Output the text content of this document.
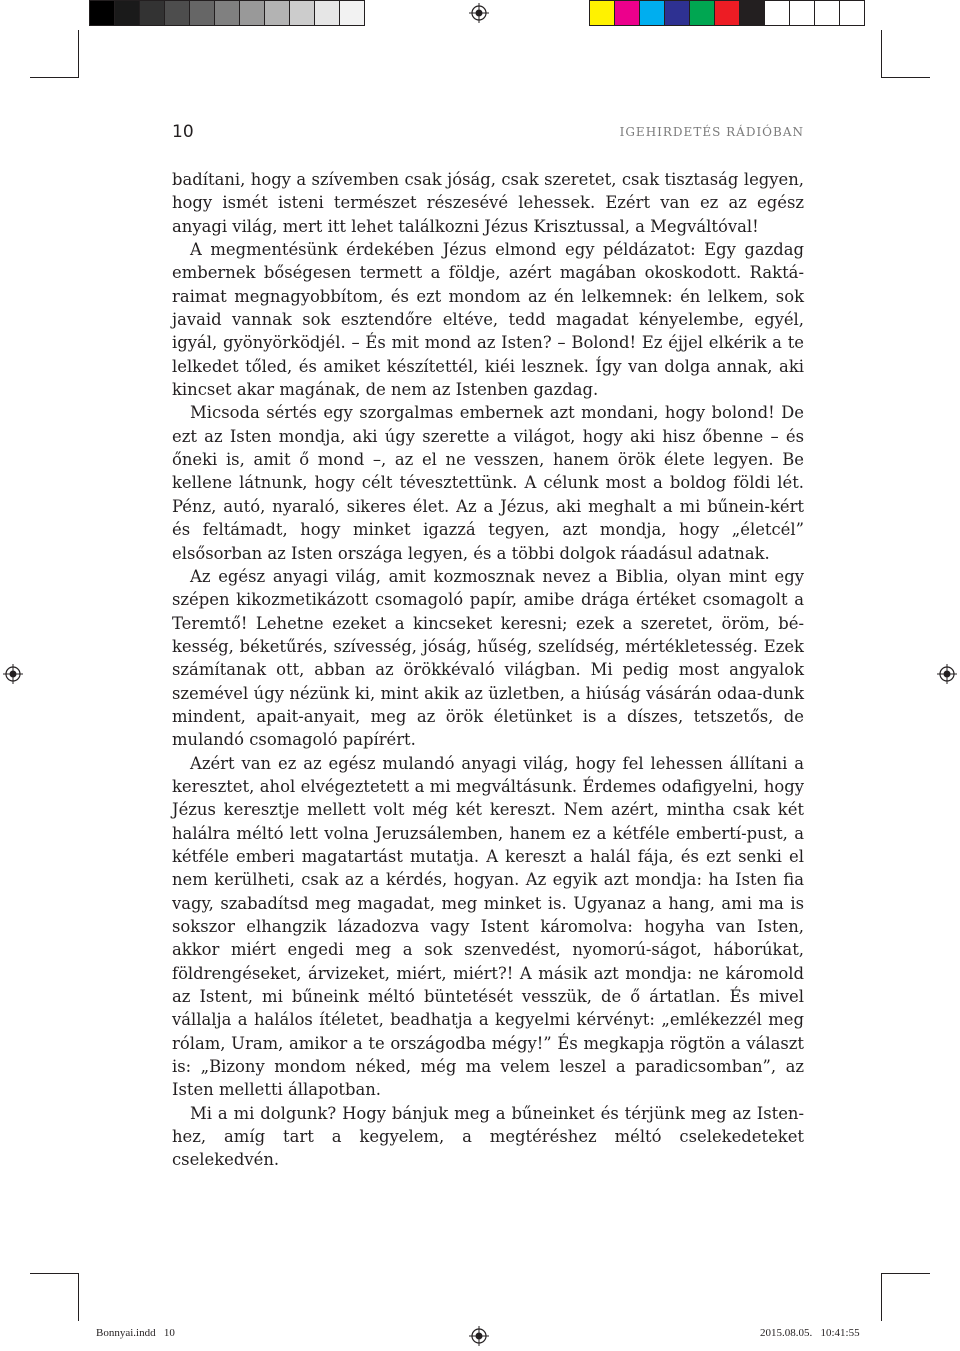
10	IGEHIRDETÉS RÁDIÓBAN

badítani, hogy a szívemben csak jóság, csak szeretet, csak tisztaság legyen, hogy ismét isteni természet részesévé lehessek. Ezért van ez az egész anyagi világ, mert itt lehet találkozni Jézus Krisztussal, a Megváltóval!

A megmentésünk érdekében Jézus elmond egy példázatot: Egy gazdag embernek bőségesen termett a földje, azért magában okoskodott. Raktá-raimat megnagyobbítom, és ezt mondom az én lelkemnek: én lelkem, sok javaid vannak sok esztendőre eltéve, tedd magadat kényelembe, egyél, igyál, gyönyörködjél. – És mit mond az Isten? – Bolond! Ez éjjel elkérik a te lelkedet tőled, és amiket készítettél, kiéi lesznek. Így van dolga annak, aki kincset akar magának, de nem az Istenben gazdag.

Micsoda sértés egy szorgalmas embernek azt mondani, hogy bolond! De ezt az Isten mondja, aki úgy szerette a világot, hogy aki hisz őbenne – és őneki is, amit ő mond –, az el ne vesszen, hanem örök élete legyen. Be kellene látnunk, hogy célt tévesztettünk. A célunk most a boldog földi lét. Pénz, autó, nyaraló, sikeres élet. Az a Jézus, aki meghalt a mi bűnein-kért és feltámadt, hogy minket igazzá tegyen, azt mondja, hogy „életcél” elsősorban az Isten országa legyen, és a többi dolgok ráadásul adatnak.

Az egész anyagi világ, amit kozmosznak nevez a Biblia, olyan mint egy szépen kikozmetikázott csomagoló papír, amibe drága értéket csomagolt a Teremtő! Lehetne ezeket a kincseket keresni; ezek a szeretet, öröm, bé-kesség, béketűrés, szívesség, jóság, hűség, szelídség, mértékletesség. Ezek számítanak ott, abban az örökkévaló világban. Mi pedig most angyalok szemével úgy nézünk ki, mint akik az üzletben, a hiúság vásárán odaa-dunk mindent, apait-anyait, meg az örök életünket is a díszes, tetszetős, de mulandó csomagoló papírért.

Azért van ez az egész mulandó anyagi világ, hogy fel lehessen állítani a keresztet, ahol elvégeztetett a mi megváltásunk. Érdemes odafigyelni, hogy Jézus keresztje mellett volt még két kereszt. Nem azért, mintha csak két halálra méltó lett volna Jeruzsálemben, hanem ez a kétféle embertí-pust, a kétféle emberi magatartást mutatja. A kereszt a halál fája, és ezt senki el nem kerülheti, csak az a kérdés, hogyan. Az egyik azt mondja: ha Isten fia vagy, szabadítsd meg magadat, meg minket is. Ugyanaz a hang, ami ma is sokszor elhangzik lázadozva vagy Istent káromolva: hogyha van Isten, akkor miért engedi meg a sok szenvedést, nyomorú-ságot, háborúkat, földrengéseket, árvizeket, miért, miért?! A másik azt mondja: ne káromold az Istent, mi bűneink méltó büntetését vesszük, de ő ártatlan. És mivel vállalja a halálos ítéletet, beadhatja a kegyelmi kérvényt: „emlékezzél meg rólam, Uram, amikor a te országodba mégy!” És megkapja rögtön a választ is: „Bizony mondom néked, még ma velem leszel a paradicsomban”, az Isten melletti állapotban.

Mi a mi dolgunk? Hogy bánjuk meg a bűneinket és térjünk meg az Isten-hez, amíg tart a kegyelem, a megtéréshez méltó cselekedeteket cselekedvén.

Bonnyai.indd   10	2015.08.05.   10:41:55
